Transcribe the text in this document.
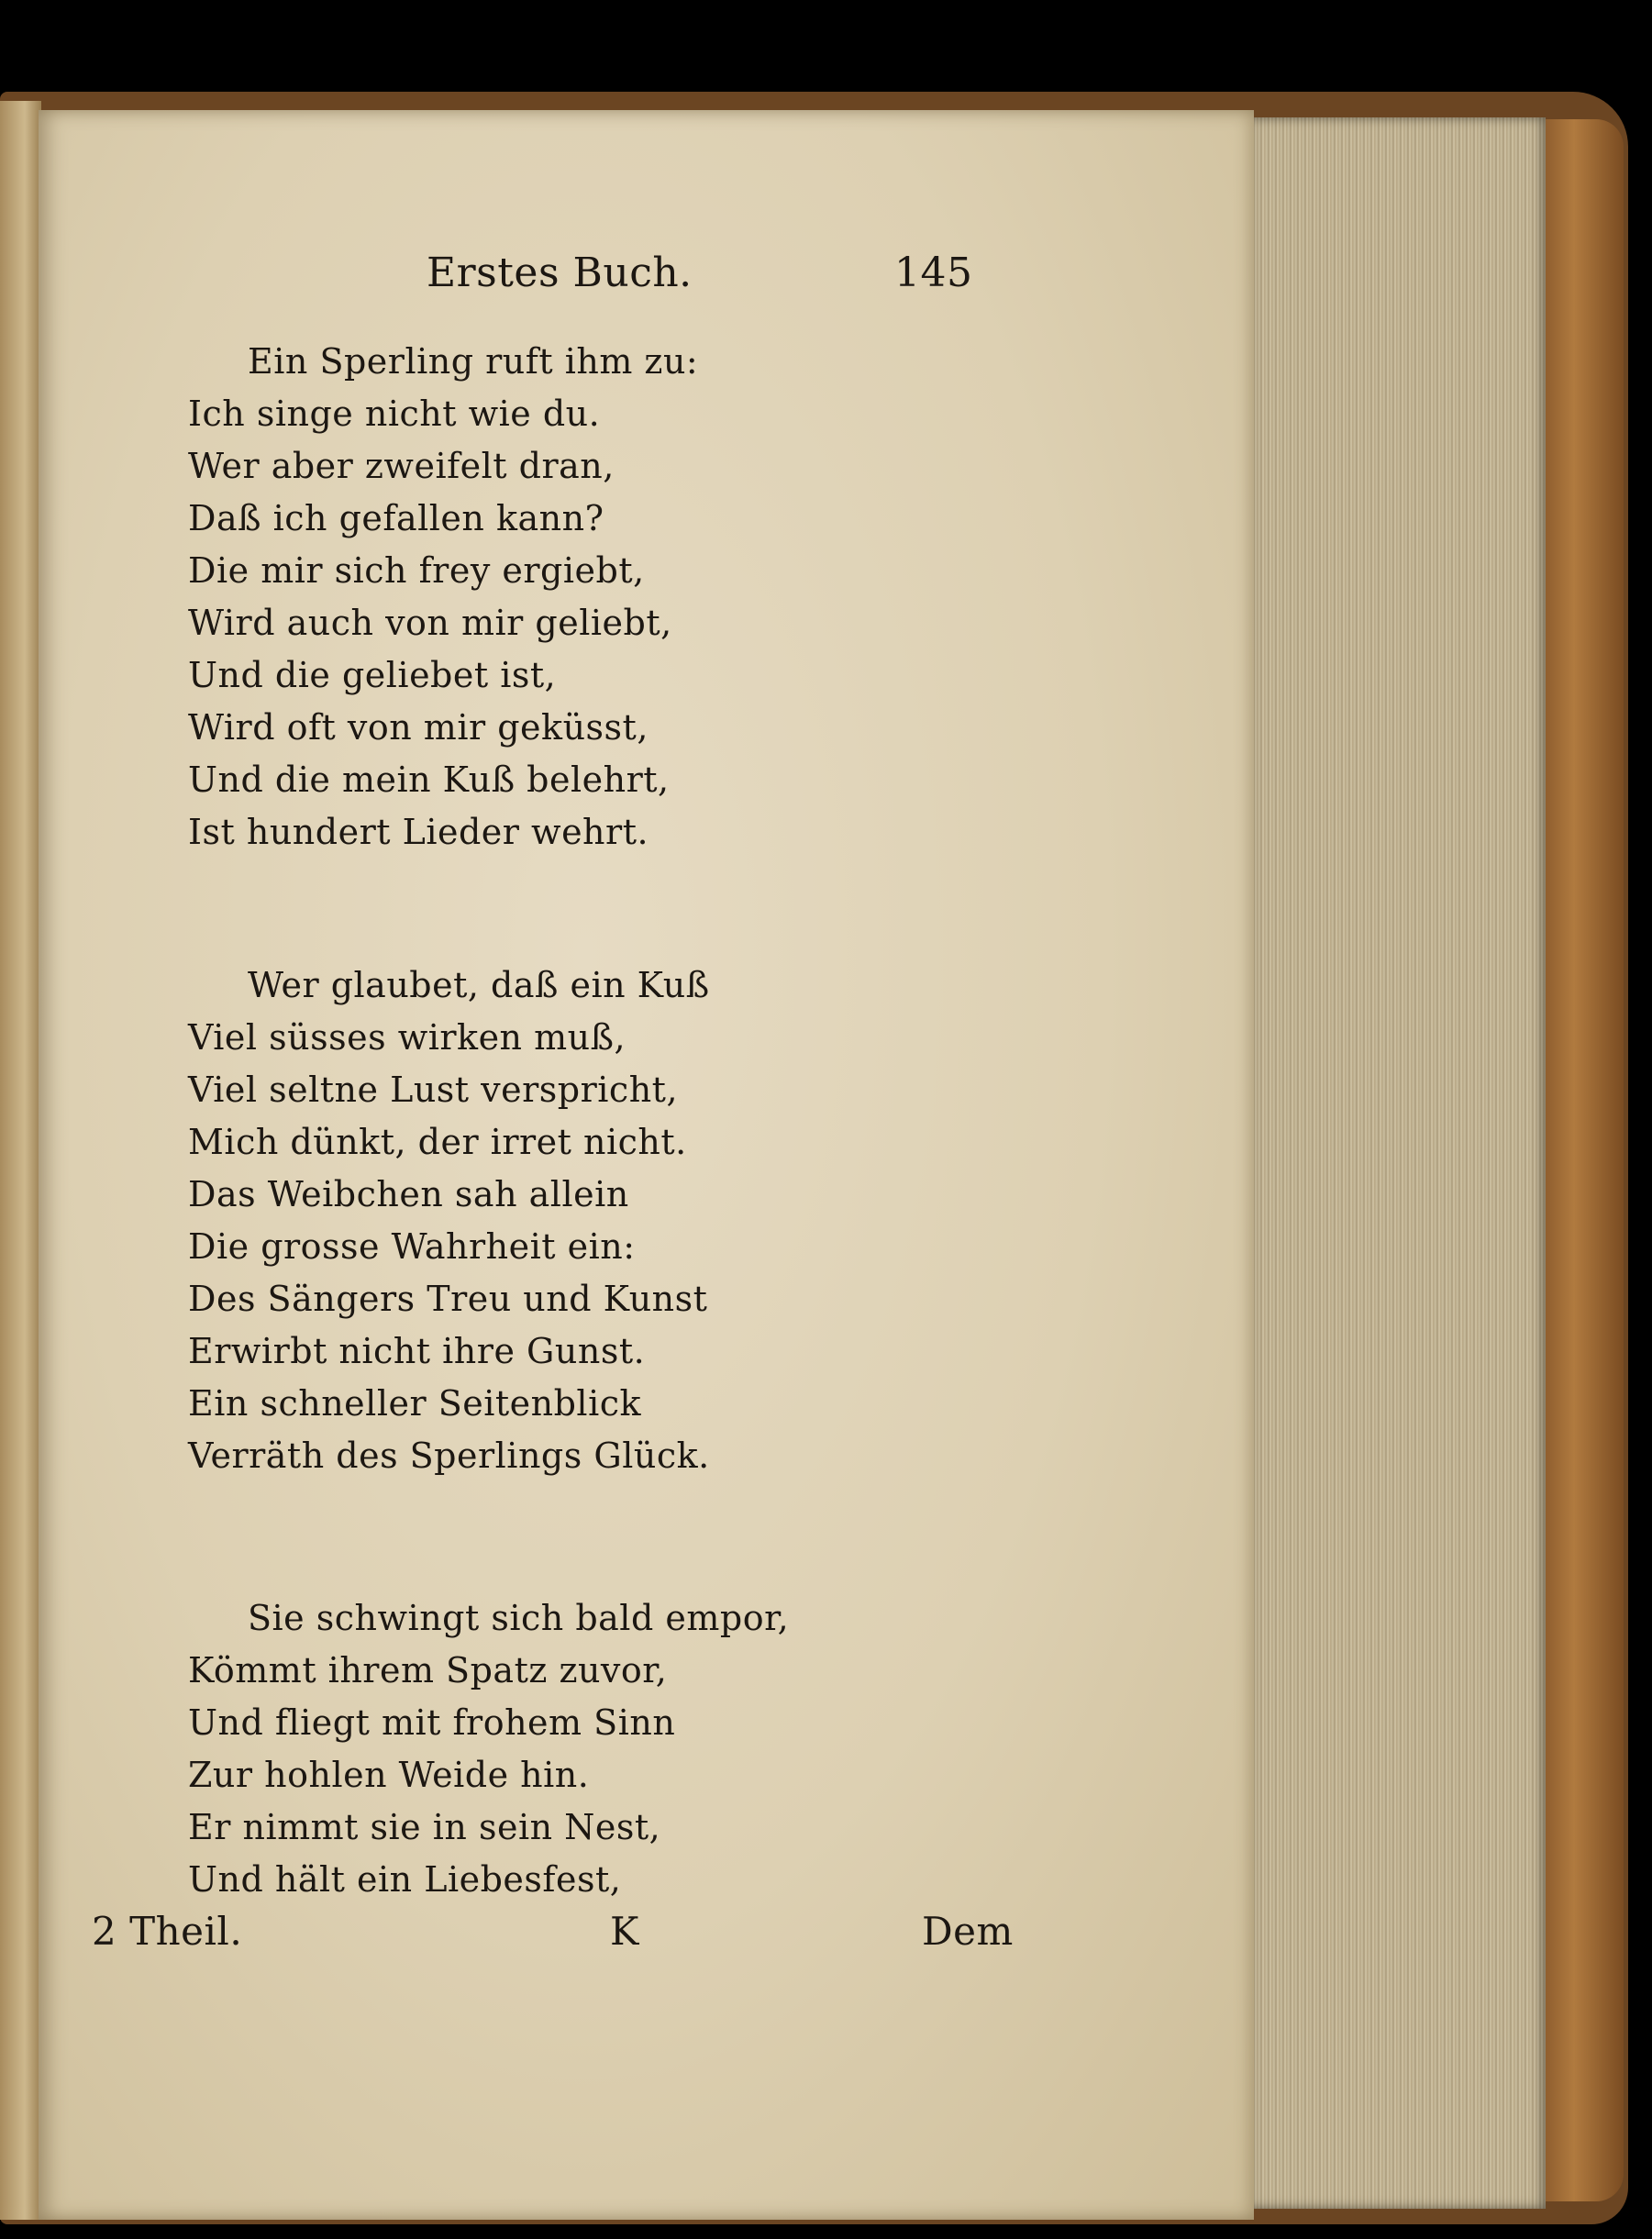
Erstes Buch.	145
Ein Sperling ruft ihm zu:
Ich singe nicht wie du.
Wer aber zweifelt dran,
Daß ich gefallen kann?
Die mir sich frey ergiebt,
Wird auch von mir geliebt,
Und die geliebet ist,
Wird oft von mir geküsst,
Und die mein Kuß belehrt,
Ist hundert Lieder wehrt.
Wer glaubet, daß ein Kuß
Viel süsses wirken muß,
Viel seltne Lust verspricht,
Mich dünkt, der irret nicht.
Das Weibchen sah allein
Die grosse Wahrheit ein:
Des Sängers Treu und Kunst
Erwirbt nicht ihre Gunst.
Ein schneller Seitenblick
Verräth des Sperlings Glück.
Sie schwingt sich bald empor,
Kömmt ihrem Spatz zuvor,
Und fliegt mit frohem Sinn
Zur hohlen Weide hin.
Er nimmt sie in sein Nest,
Und hält ein Liebesfest,
2 Theil.	K	Dem
